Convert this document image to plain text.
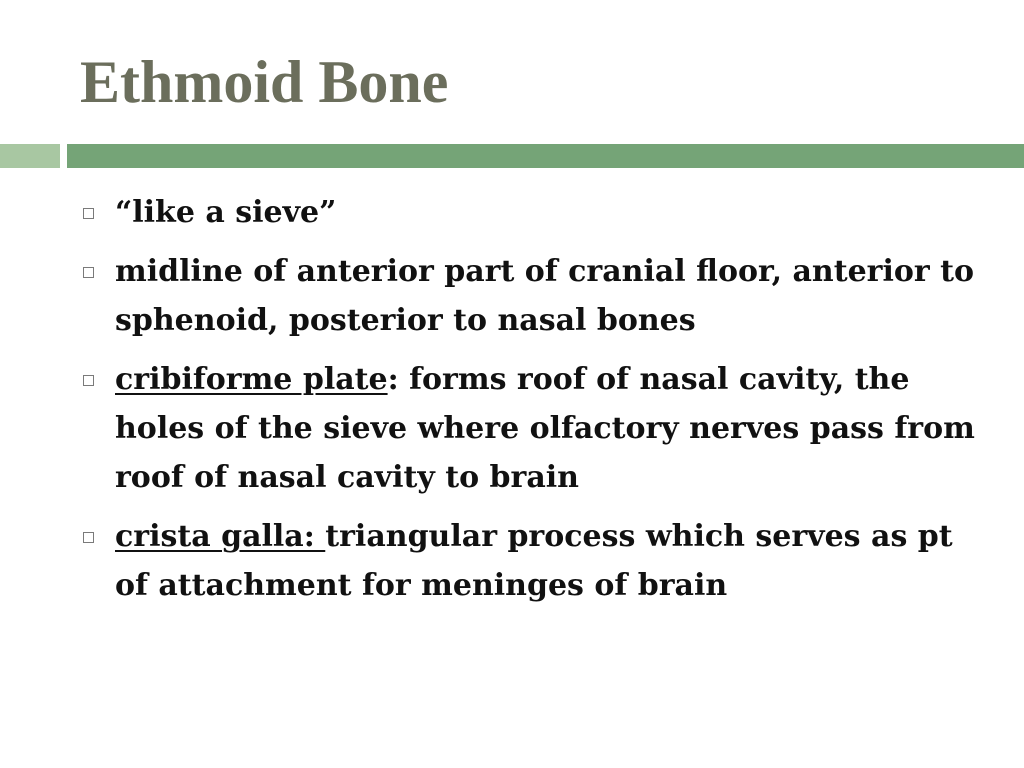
Ethmoid Bone
“like a sieve”
midline of anterior part of cranial floor, anterior to sphenoid, posterior to nasal bones
cribiforme plate: forms roof of nasal cavity, the holes of the sieve where olfactory nerves pass from roof of nasal cavity to brain
crista galla: triangular process which serves as pt of attachment for meninges of brain
